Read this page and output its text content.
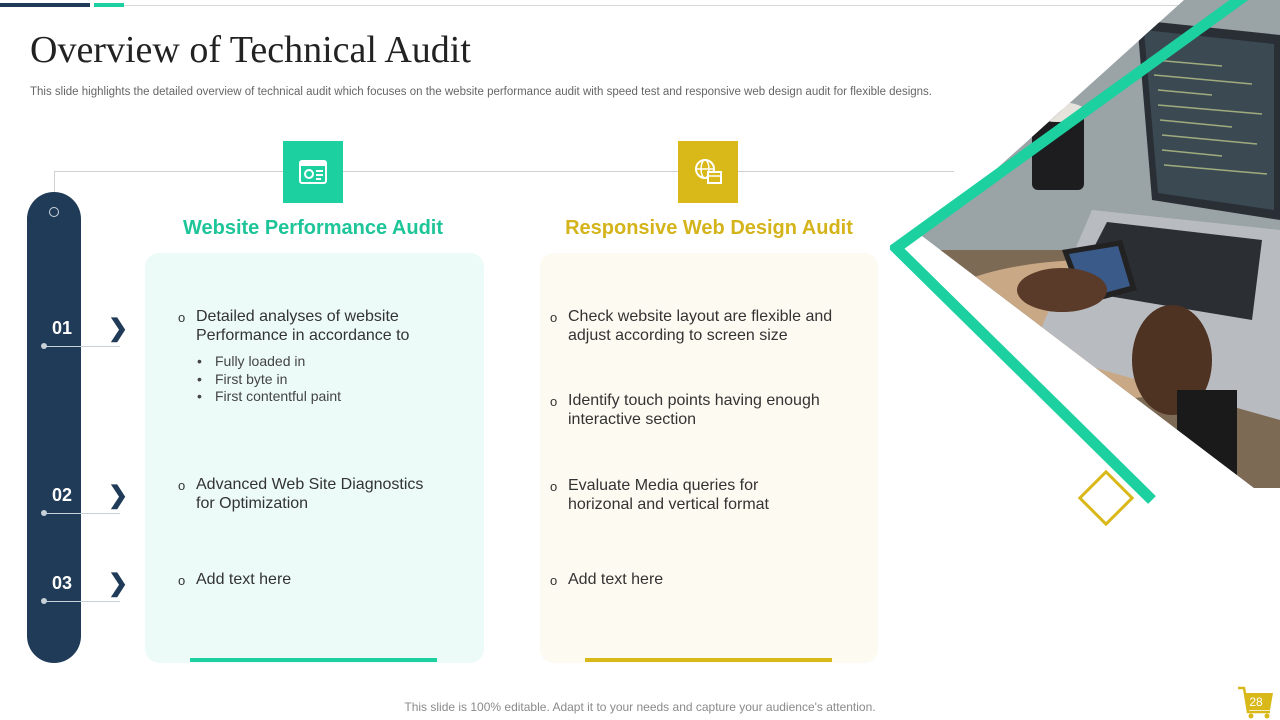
Overview of Technical Audit
This slide highlights the detailed overview of technical audit which focuses on the website performance audit with speed test and responsive web design audit for flexible designs.
01 ❯
02 ❯
03 ❯
Website Performance Audit	Responsive Web Design Audit
o Detailed analyses of website
Performance in accordance to
• Fully loaded in
• First byte in
• First contentful paint
o Advanced Web Site Diagnostics
for Optimization
o Add text here
o Check website layout are flexible and
adjust according to screen size
o Identify touch points having enough
interactive section
o Evaluate Media queries for
horizonal and vertical format
o Add text here
This slide is 100% editable. Adapt it to your needs and capture your audience's attention.	28
